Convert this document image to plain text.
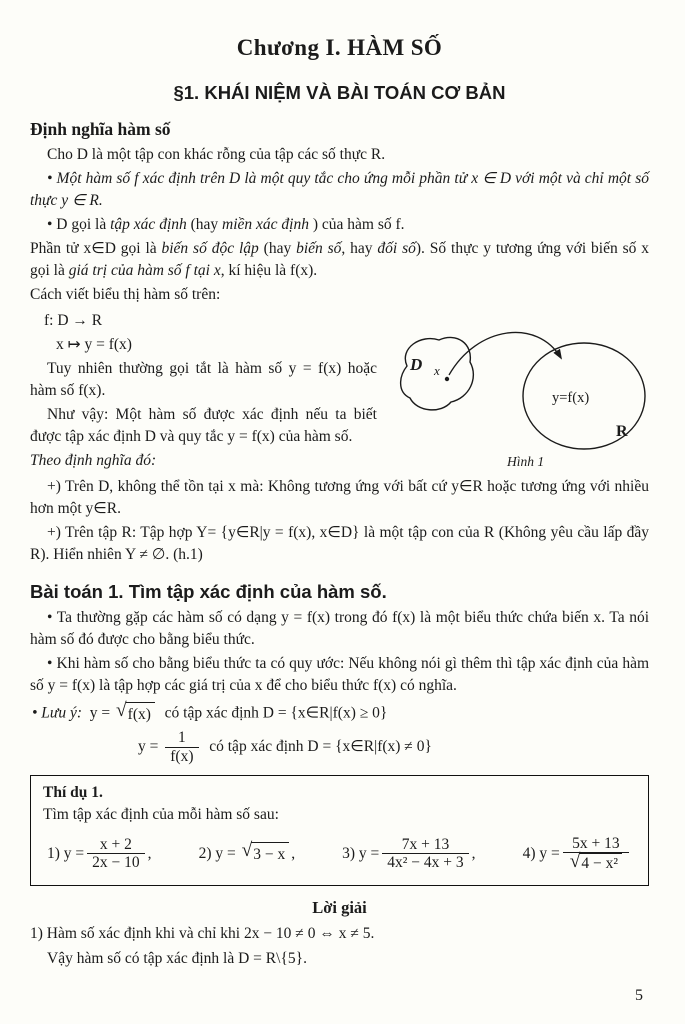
Chương I. HÀM SỐ
§1. KHÁI NIỆM VÀ BÀI TOÁN CƠ BẢN
Định nghĩa hàm số

Cho D là một tập con khác rỗng của tập các số thực R.

• Một hàm số f xác định trên D là một quy tắc cho ứng mỗi phần tử x ∈ D với một và chỉ một số thực y ∈ R.

• D gọi là tập xác định (hay miền xác định ) của hàm số f.

Phần tử x∈D gọi là biến số độc lập (hay biến số, hay đối số). Số thực y tương ứng với biến số x gọi là giá trị của hàm số f tại x, kí hiệu là f(x).

Cách viết biểu thị hàm số trên:

f: D → R

x ↦ y = f(x)

Tuy nhiên thường gọi tắt là hàm số y = f(x) hoặc hàm số f(x).

Như vậy: Một hàm số được xác định nếu ta biết được tập xác định D và quy tắc y = f(x) của hàm số.

Theo định nghĩa đó:

D x
y=f(x)
R
Hình 1

+) Trên D, không thể tồn tại x mà: Không tương ứng với bất cứ y∈R hoặc tương ứng với nhiều hơn một y∈R.

+) Trên tập R: Tập hợp Y= {y∈R|y = f(x), x∈D} là một tập con của R (Không yêu cầu lấp đầy R). Hiển nhiên Y ≠ ∅. (h.1)

Bài toán 1. Tìm tập xác định của hàm số.

• Ta thường gặp các hàm số có dạng y = f(x) trong đó f(x) là một biểu thức chứa biến x. Ta nói hàm số đó được cho bằng biểu thức.

• Khi hàm số cho bằng biểu thức ta có quy ước: Nếu không nói gì thêm thì tập xác định của hàm số y = f(x) là tập hợp các giá trị của x để cho biểu thức f(x) có nghĩa.

• Lưu ý: y = √ f(x) có tập xác định D = {x∈R|f(x) ≥ 0}
$y = \frac{1}{f(x)}$ có tập xác định D = {x∈R|f(x) ≠ 0}
Thí dụ 1.
Tìm tập xác định của mỗi hàm số sau:
1) $y = \frac{x + 2}{2x - 10}$ ,	2) y =
√ 3 − x ,	3) $y = \frac{7x + 13}{\text{4x² − 4x + 3}}$ ,	4) $y = \frac{5x + 13}{\text{√ 4 − x²}}$
Lời giải

1) Hàm số xác định khi và chỉ khi 2x − 10 ≠ 0 ⇔ x ≠ 5.

Vậy hàm số có tập xác định là D = R\{5}.

5
